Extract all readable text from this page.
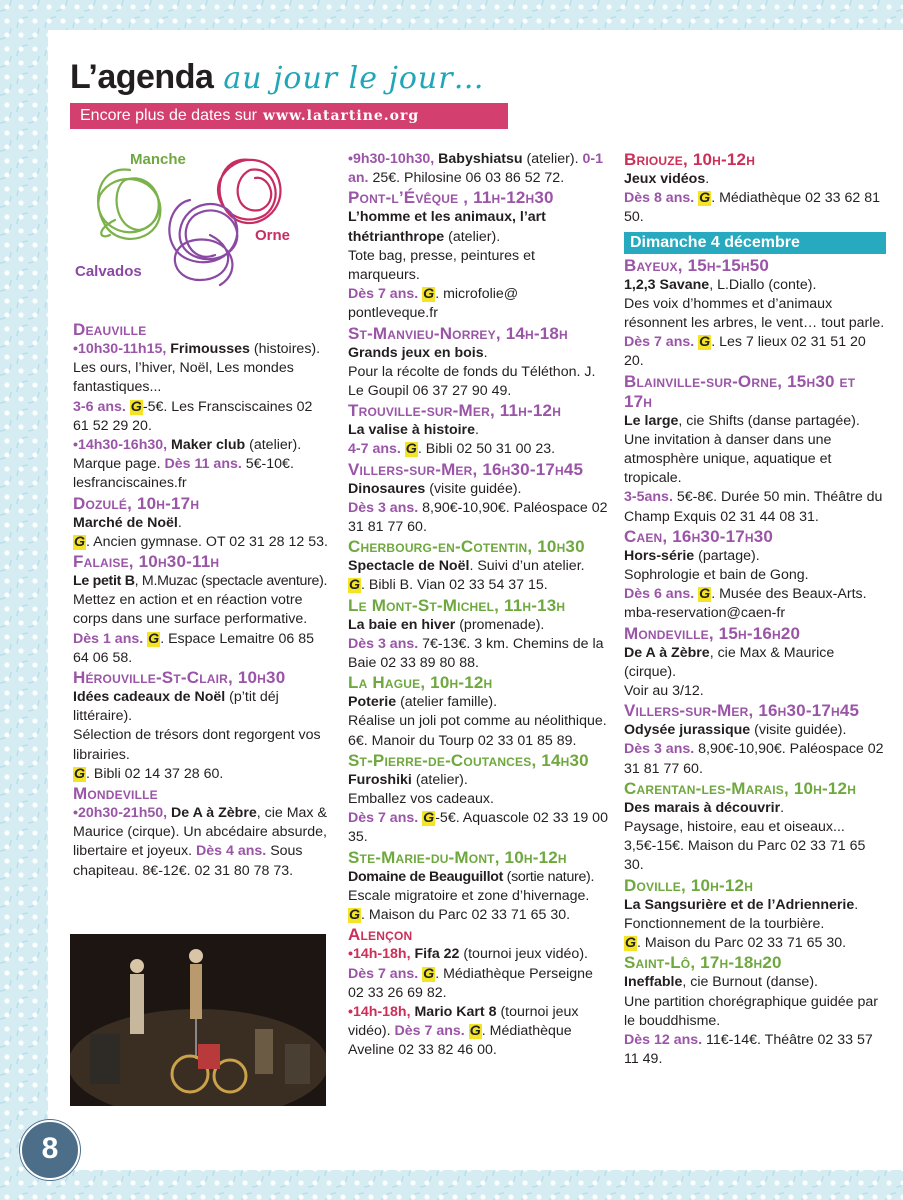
L’agenda au jour le jour…
Encore plus de dates sur www.latartine.org
Manche
Orne
Calvados
Deauville
•10h30-11h15, Frimousses (histoires). Les ours, l’hiver, Noël, Les mondes fantastiques...
3-6 ans. G-5€. Les Fransciscaines 02 61 52 29 20.
•14h30-16h30, Maker club (atelier). Marque page. Dès 11 ans. 5€-10€. lesfranciscaines.fr
Dozulé, 10h-17h
Marché de Noël.
G. Ancien gymnase. OT 02 31 28 12 53.
Falaise, 10h30-11h
Le petit B, M.Muzac (spectacle aventure).
Mettez en action et en réaction votre corps dans une surface performative.
Dès 1 ans. G. Espace Lemaitre 06 85 64 06 58.
Hérouville-St-Clair, 10h30
Idées cadeaux de Noël (p’tit déj littéraire).
Sélection de trésors dont regorgent vos librairies.
G. Bibli 02 14 37 28 60.
Mondeville
•20h30-21h50, De A à Zèbre, cie Max & Maurice (cirque). Un abcédaire absurde, libertaire et joyeux. Dès 4 ans. Sous chapiteau. 8€-12€. 02 31 80 78 73.
•9h30-10h30, Babyshiatsu (atelier). 0-1 an. 25€. Philosine 06 03 86 52 72.
Pont-l’Évêque , 11h-12h30
L’homme et les animaux, l’art thétrianthrope (atelier).
Tote bag, presse, peintures et marqueurs.
Dès 7 ans. G. microfolie@ pontleveque.fr
St-Manvieu-Norrey, 14h-18h
Grands jeux en bois.
Pour la récolte de fonds du Téléthon. J. Le Goupil 06 37 27 90 49.
Trouville-sur-Mer, 11h-12h
La valise à histoire.
4-7 ans. G. Bibli 02 50 31 00 23.
Villers-sur-Mer, 16h30-17h45
Dinosaures (visite guidée).
Dès 3 ans. 8,90€-10,90€. Paléospace 02 31 81 77 60.
Cherbourg-en-Cotentin, 10h30
Spectacle de Noël. Suivi d’un atelier.
G. Bibli B. Vian 02 33 54 37 15.
Le Mont-St-Michel, 11h-13h
La baie en hiver (promenade).
Dès 3 ans. 7€-13€. 3 km. Chemins de la Baie 02 33 89 80 88.
La Hague, 10h-12h
Poterie (atelier famille).
Réalise un joli pot comme au néolithique.
6€. Manoir du Tourp 02 33 01 85 89.
St-Pierre-de-Coutances, 14h30
Furoshiki (atelier).
Emballez vos cadeaux.
Dès 7 ans. G-5€. Aquascole 02 33 19 00 35.
Ste-Marie-du-Mont, 10h-12h
Domaine de Beauguillot (sortie nature).
Escale migratoire et zone d’hivernage.
G. Maison du Parc 02 33 71 65 30.
Alençon
•14h-18h, Fifa 22 (tournoi jeux vidéo). Dès 7 ans. G. Médiathèque Perseigne 02 33 26 69 82.
•14h-18h, Mario Kart 8 (tournoi jeux vidéo). Dès 7 ans. G. Médiathèque Aveline 02 33 82 46 00.
Briouze, 10h-12h
Jeux vidéos.
Dès 8 ans. G. Médiathèque 02 33 62 81 50.
Dimanche 4 décembre
Bayeux, 15h-15h50
1,2,3 Savane, L.Diallo (conte).
Des voix d’hommes et d’animaux résonnent les arbres, le vent… tout parle.
Dès 7 ans. G. Les 7 lieux 02 31 51 20 20.
Blainville-sur-Orne, 15h30 et 17h
Le large, cie Shifts (danse partagée).
Une invitation à danser dans une atmosphère unique, aquatique et tropicale.
3-5ans. 5€-8€. Durée 50 min. Théâtre du Champ Exquis 02 31 44 08 31.
Caen, 16h30-17h30
Hors-série (partage).
Sophrologie et bain de Gong.
Dès 6 ans. G. Musée des Beaux-Arts. mba-reservation@caen-fr
Mondeville, 15h-16h20
De A à Zèbre, cie Max & Maurice (cirque).
Voir au 3/12.
Villers-sur-Mer, 16h30-17h45
Odysée jurassique (visite guidée).
Dès 3 ans. 8,90€-10,90€. Paléospace 02 31 81 77 60.
Carentan-les-Marais, 10h-12h
Des marais à découvrir.
Paysage, histoire, eau et oiseaux... 3,5€-15€. Maison du Parc 02 33 71 65 30.
Doville, 10h-12h
La Sangsurière et de l’Adriennerie.
Fonctionnement de la tourbière.
G. Maison du Parc 02 33 71 65 30.
Saint-Lô, 17h-18h20
Ineffable, cie Burnout (danse).
Une partition chorégraphique guidée par le bouddhisme.
Dès 12 ans. 11€-14€. Théâtre 02 33 57 11 49.
8
